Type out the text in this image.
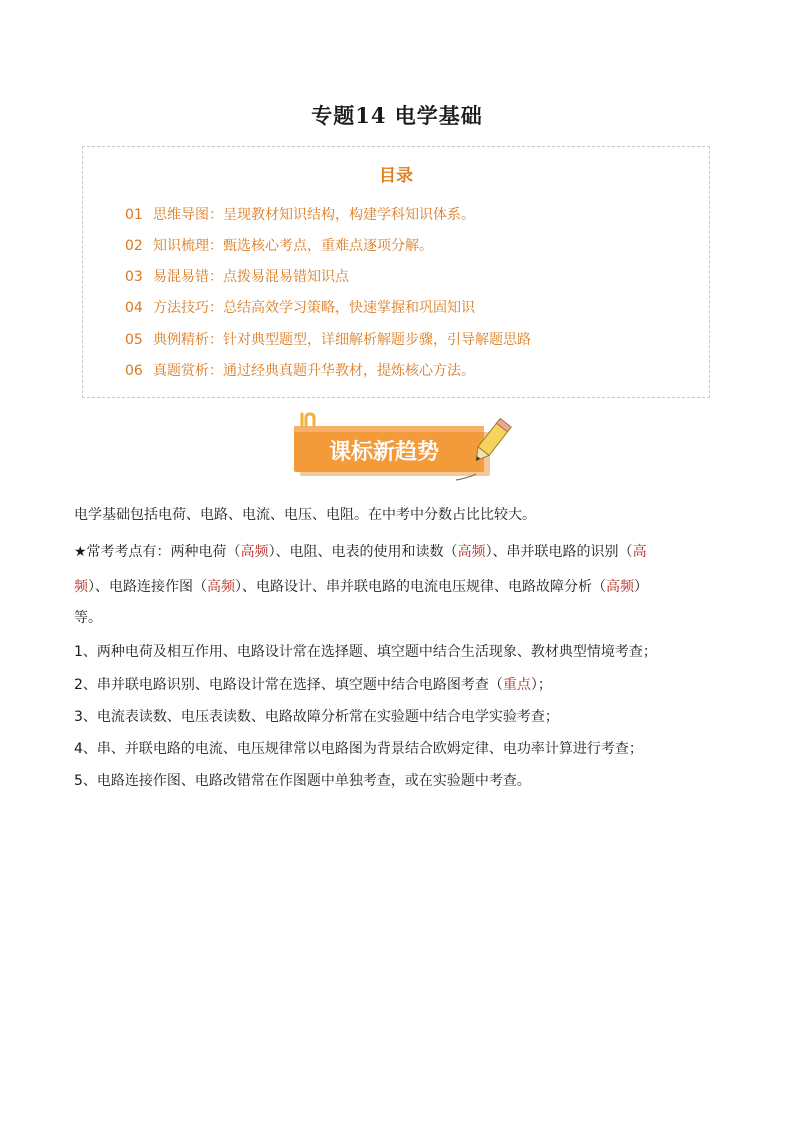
专题14 电学基础
目录
01 思维导图：呈现教材知识结构，构建学科知识体系。
02 知识梳理：甄选核心考点，重难点逐项分解。
03 易混易错：点拨易混易错知识点
04 方法技巧：总结高效学习策略，快速掌握和巩固知识
05 典例精析：针对典型题型，详细解析解题步骤，引导解题思路
06 真题赏析：通过经典真题升华教材，提炼核心方法。
课标新趋势
电学基础包括电荷、电路、电流、电压、电阻。在中考中分数占比比较大。
★常考考点有：两种电荷（高频）、电阻、电表的使用和读数（高频）、串并联电路的识别（高
频）、电路连接作图（高频）、电路设计、串并联电路的电流电压规律、电路故障分析（高频）
等。
1、两种电荷及相互作用、电路设计常在选择题、填空题中结合生活现象、教材典型情境考查；
2、串并联电路识别、电路设计常在选择、填空题中结合电路图考查（重点）；
3、电流表读数、电压表读数、电路故障分析常在实验题中结合电学实验考查；
4、串、并联电路的电流、电压规律常以电路图为背景结合欧姆定律、电功率计算进行考查；
5、电路连接作图、电路改错常在作图题中单独考查，或在实验题中考查。
